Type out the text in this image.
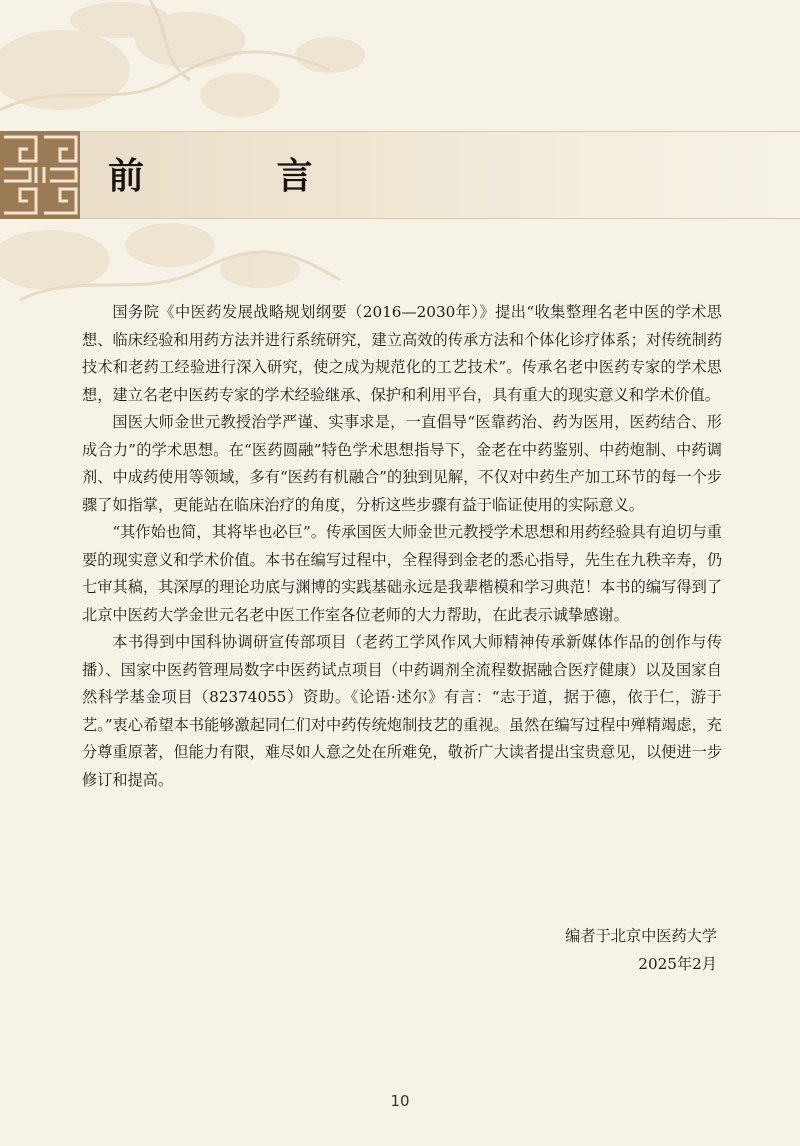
前 言

国务院《中医药发展战略规划纲要（2016—2030年）》提出“收集整理名老中医的学术思想、临床经验和用药方法并进行系统研究，建立高效的传承方法和个体化诊疗体系；对传统制药技术和老药工经验进行深入研究，使之成为规范化的工艺技术”。传承名老中医药专家的学术思想，建立名老中医药专家的学术经验继承、保护和利用平台，具有重大的现实意义和学术价值。

国医大师金世元教授治学严谨、实事求是，一直倡导“医靠药治、药为医用，医药结合、形成合力”的学术思想。在“医药圆融”特色学术思想指导下，金老在中药鉴别、中药炮制、中药调剂、中成药使用等领域，多有“医药有机融合”的独到见解，不仅对中药生产加工环节的每一个步骤了如指掌，更能站在临床治疗的角度，分析这些步骤有益于临证使用的实际意义。

“其作始也简，其将毕也必巨”。传承国医大师金世元教授学术思想和用药经验具有迫切与重要的现实意义和学术价值。本书在编写过程中，全程得到金老的悉心指导，先生在九秩辛寿，仍七审其稿，其深厚的理论功底与渊博的实践基础永远是我辈楷模和学习典范！本书的编写得到了北京中医药大学金世元名老中医工作室各位老师的大力帮助，在此表示诚挚感谢。

本书得到中国科协调研宣传部项目（老药工学风作风大师精神传承新媒体作品的创作与传播）、国家中医药管理局数字中医药试点项目（中药调剂全流程数据融合医疗健康）以及国家自然科学基金项目（82374055）资助。《论语·述尔》有言：“志于道，据于德，依于仁，游于艺。”衷心希望本书能够激起同仁们对中药传统炮制技艺的重视。虽然在编写过程中殚精竭虑，充分尊重原著，但能力有限，难尽如人意之处在所难免，敬祈广大读者提出宝贵意见，以便进一步修订和提高。

编者于北京中医药大学
2025年2月
10
